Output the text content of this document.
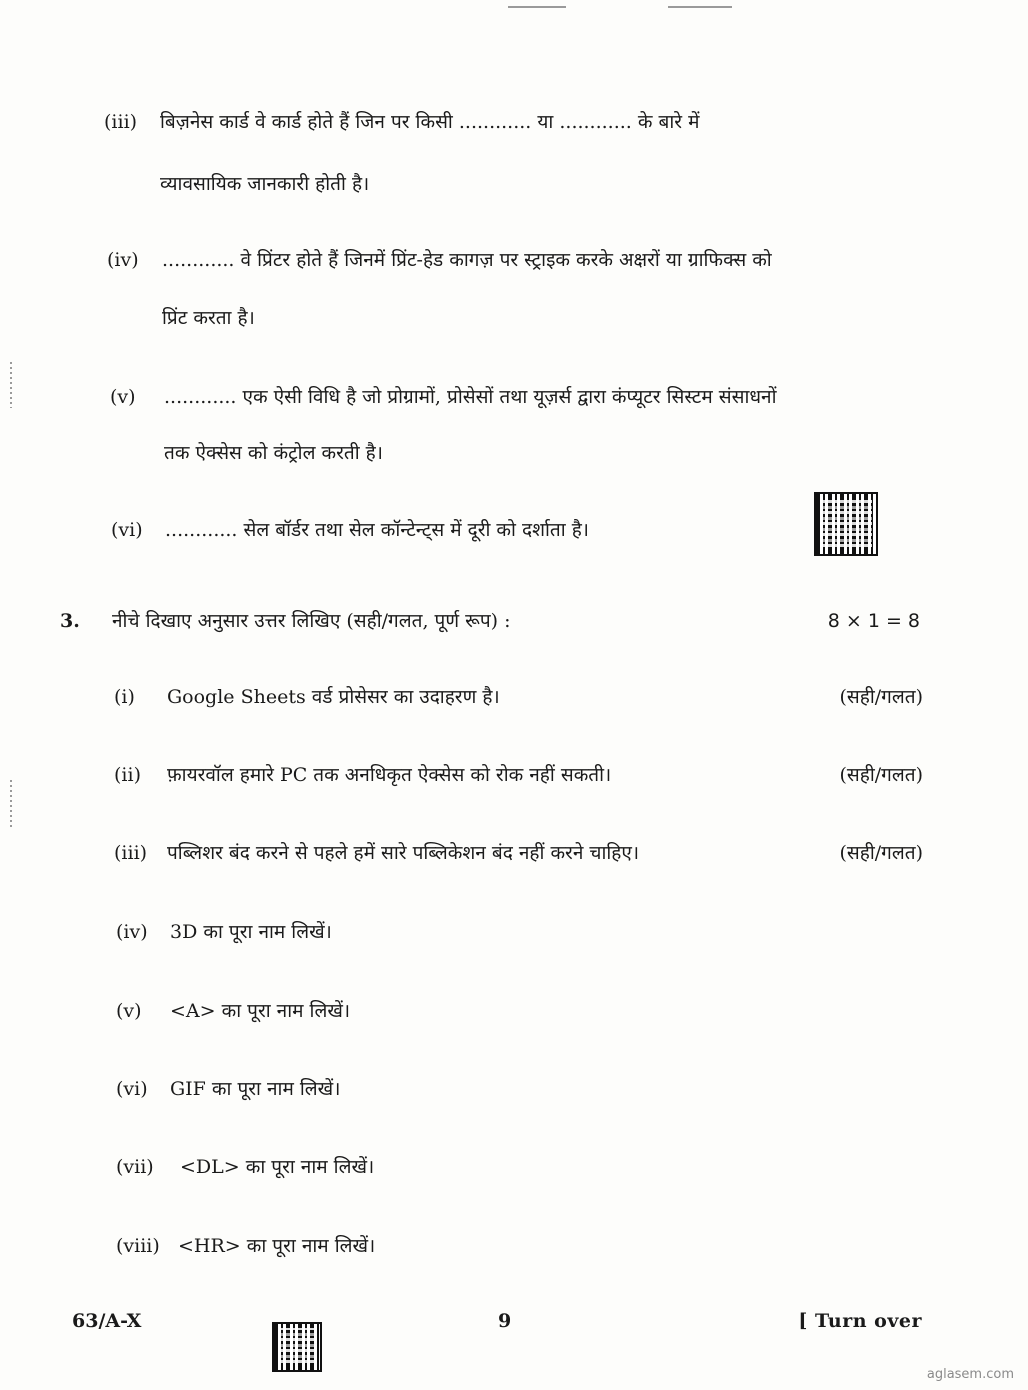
(iii) बिज़नेस कार्ड वे कार्ड होते हैं जिन पर किसी ............ या ............ के बारे में
व्यावसायिक जानकारी होती है।
(iv) ............ वे प्रिंटर होते हैं जिनमें प्रिंट-हेड कागज़ पर स्ट्राइक करके अक्षरों या ग्राफिक्स को
प्रिंट करता है।
(v) ............ एक ऐसी विधि है जो प्रोग्रामों, प्रोसेसों तथा यूज़र्स द्वारा कंप्यूटर सिस्टम संसाधनों
तक ऐक्सेस को कंट्रोल करती है।
(vi) ............ सेल बॉर्डर तथा सेल कॉन्टेन्ट्स में दूरी को दर्शाता है।
3. नीचे दिखाए अनुसार उत्तर लिखिए (सही/गलत, पूर्ण रूप) :	8 × 1 = 8
(i) Google Sheets वर्ड प्रोसेसर का उदाहरण है।	(सही/गलत)
(ii) फ़ायरवॉल हमारे PC तक अनधिकृत ऐक्सेस को रोक नहीं सकती।	(सही/गलत)
(iii) पब्लिशर बंद करने से पहले हमें सारे पब्लिकेशन बंद नहीं करने चाहिए।	(सही/गलत)
(iv) 3D का पूरा नाम लिखें।
(v) <A> का पूरा नाम लिखें।
(vi) GIF का पूरा नाम लिखें।
(vii) <DL> का पूरा नाम लिखें।
(viii) <HR> का पूरा नाम लिखें।
63/A-X	9	[ Turn over
aglasem.com
